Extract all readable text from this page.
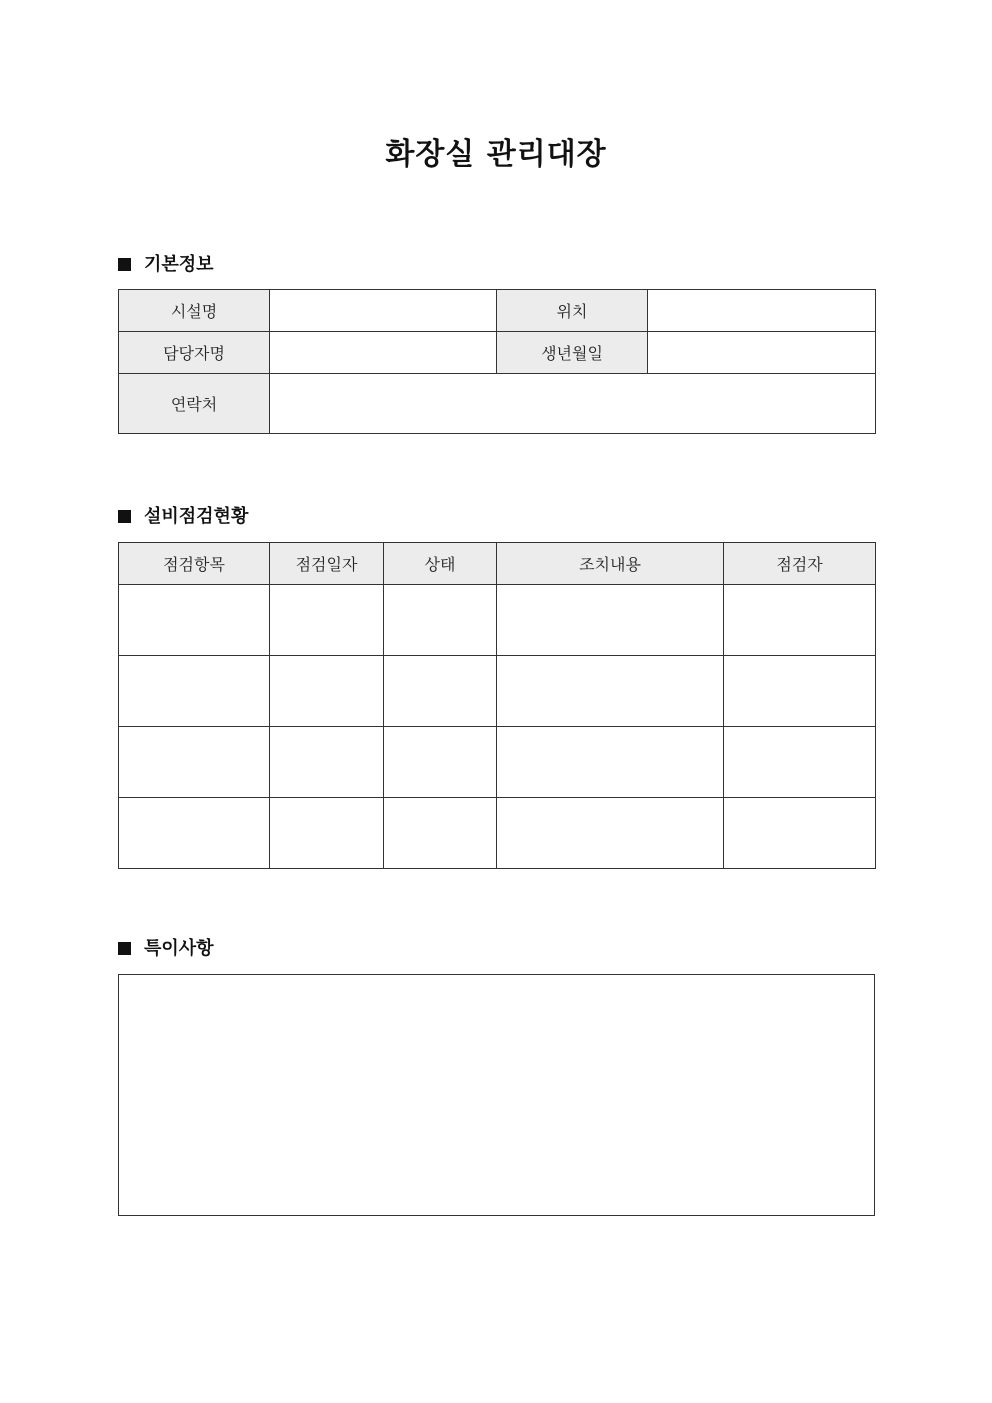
화장실 관리대장
기본정보
시설명		위치	
담당자명		생년월일	
연락처			
설비점검현황
점검항목	점검일자	상태	조치내용	점검자

특이사항
